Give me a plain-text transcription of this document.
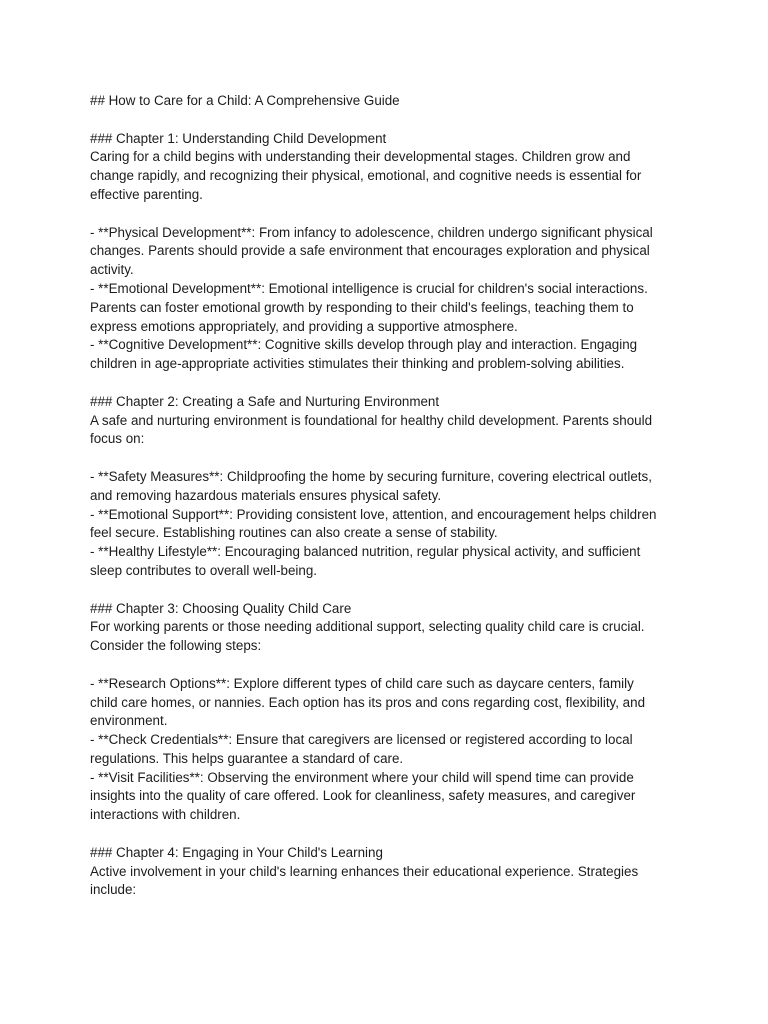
## How to Care for a Child: A Comprehensive Guide
### Chapter 1: Understanding Child Development
Caring for a child begins with understanding their developmental stages. Children grow and
change rapidly, and recognizing their physical, emotional, and cognitive needs is essential for
effective parenting.
- **Physical Development**: From infancy to adolescence, children undergo significant physical
changes. Parents should provide a safe environment that encourages exploration and physical
activity.
- **Emotional Development**: Emotional intelligence is crucial for children's social interactions.
Parents can foster emotional growth by responding to their child's feelings, teaching them to
express emotions appropriately, and providing a supportive atmosphere.
- **Cognitive Development**: Cognitive skills develop through play and interaction. Engaging
children in age-appropriate activities stimulates their thinking and problem-solving abilities.
### Chapter 2: Creating a Safe and Nurturing Environment
A safe and nurturing environment is foundational for healthy child development. Parents should
focus on:
- **Safety Measures**: Childproofing the home by securing furniture, covering electrical outlets,
and removing hazardous materials ensures physical safety.
- **Emotional Support**: Providing consistent love, attention, and encouragement helps children
feel secure. Establishing routines can also create a sense of stability.
- **Healthy Lifestyle**: Encouraging balanced nutrition, regular physical activity, and sufficient
sleep contributes to overall well-being.
### Chapter 3: Choosing Quality Child Care
For working parents or those needing additional support, selecting quality child care is crucial.
Consider the following steps:
- **Research Options**: Explore different types of child care such as daycare centers, family
child care homes, or nannies. Each option has its pros and cons regarding cost, flexibility, and
environment.
- **Check Credentials**: Ensure that caregivers are licensed or registered according to local
regulations. This helps guarantee a standard of care.
- **Visit Facilities**: Observing the environment where your child will spend time can provide
insights into the quality of care offered. Look for cleanliness, safety measures, and caregiver
interactions with children.
### Chapter 4: Engaging in Your Child's Learning
Active involvement in your child's learning enhances their educational experience. Strategies
include:
